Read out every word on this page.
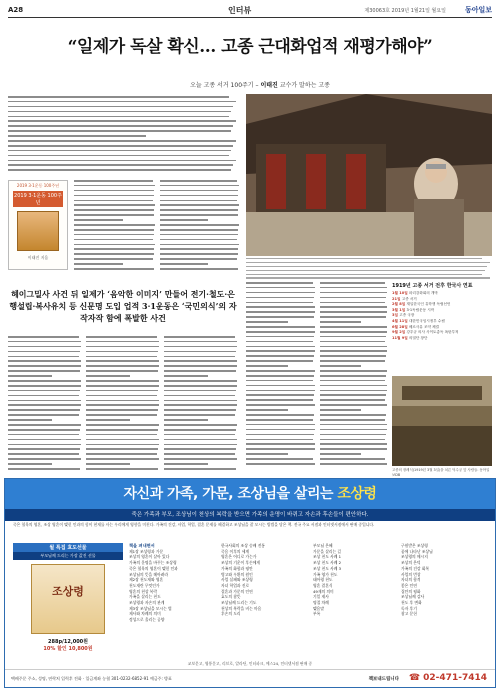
A28	인터뷰	제30063호 2019년 1월21일 월요일	동아일보
“일제가 독살 확신… 고종 근대화업적 재평가해야”
오늘 고종 서거 100주기 – 이태진 교수가 말하는 고종
2019 3·1운동 100주년
2019 3·1운동 100주년
이태진 지음
헤이그밀사 사건 뒤 일제가 ‘음악한 이미지’ 만들어 전기·철도·은행설립·복사유치 등 신문명 도입 업적 3·1운동은 ‘국민의식’의 자작자작 함에 폭발한 사건
1919년 고종 서거 전후 한국사 연표
1월 10일 파리강화회의 개막
21일 고종 서거
2월 8일 재일한국인 유학생 독립선언
3월 1일 3·1독립운동 시작
3일 고종 국장
4월 11일 대한민국임시정부 수립
6월 28일 베르사유 조약 체결
9월 2일 강우규 의사 사이토총독 폭탄투척
11월 9일 의열단 창단
고종의 장례식(1919년 3월 3일)을 치른 덕수궁 앞 사람들. 동아일보DB
자신과 가족, 가문, 조상님을 살리는 조상령
죽은 가족과 부모, 조상님이 천상의 복락을 받으면 가족의 운명이 바뀌고 자손과 후손들이 편안하다.
죽은 혈육의 영혼, 조상 영혼이 맺힌 인과의 힘이 현재를 사는 우리에게 영향을 미친다. 가족의 건강, 사업, 학업, 결혼 문제를 해결하고 조상님을 잘 모시는 방법을 담은 책. 전국 주요 서점과 인터넷서점에서 판매 중입니다.
월 특집 효도선물
부모님께 드리는 가장 값진 선물
조상령
288p/12,000원
10% 할인 10,800원
책을 펴내면서
제1장 조상령과 가문
조상의 영혼이 살아 있다
가족의 운명을 바꾸는 조상령
죽은 혈육의 영혼이 맺힌 인과
조상님의 뜻을 헤아려라
제2장 천도재와 영혼
천도재란 무엇인가
영혼의 천상 복락
가족을 살리는 천도
조상령과 자손의 관계
제3장 조상님을 모시는 법
제사와 차례의 의미
정성으로 올리는 공양
한국사회의 조상 숭배 전통
죽음 이후의 세계
영혼은 어디로 가는가
조상의 기운이 후손에게
가족의 화합과 평안
병고와 우환의 원인
사업 실패와 조상령
자녀 학업과 진로
결혼과 가문의 인연
효도의 참뜻
조상님께 드리는 기도
천상의 복락을 비는 마음
후손의 도리
부모님 은혜
가문을 살리는 길
조상 천도 사례 1
조상 천도 사례 2
조상 천도 사례 3
가족 영가 천도
태아령 천도
영혼 결혼식
49재의 의미
기일 제사
명절 차례
맺음말
부록
구원받은 조상령
꿈에 나타난 조상님
조상령의 메시지
조상의 은덕
가족의 건강 회복
사업의 번창
자녀의 합격
좋은 인연
집안의 평화
조상님께 감사
천도 후 변화
독자 후기
참고 문헌
교보문고, 영풍문고, 리브로, 알라딘, 인터파크, 예스24, 인터넷서점 판매 중
택배주문 주소, 성명, 연락처 입력후 전화 · 입금계좌 농협 301-0232-6852-91 예금주: 방표	책보내드립니다 ☎ 02-471-7414
